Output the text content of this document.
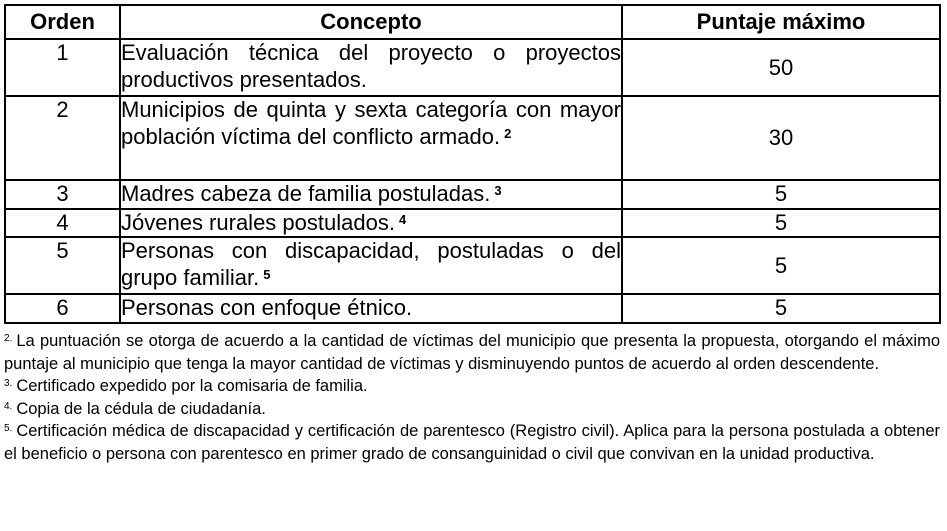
Orden	Concepto	Puntaje máximo
1	Evaluación técnica del proyecto o proyectos productivos presentados.	50
2	Municipios de quinta y sexta categoría con mayor población víctima del conflicto armado. $^2$	30
3	Madres cabeza de familia postuladas. $^3$	5
4	Jóvenes rurales postulados. $^4$	5
5	Personas con discapacidad, postuladas o del grupo familiar. $^5$	5
6	Personas con enfoque étnico.	5

$^{2.}$ La puntuación se otorga de acuerdo a la cantidad de víctimas del municipio que presenta la propuesta, otorgando el máximo puntaje al municipio que tenga la mayor cantidad de víctimas y disminuyendo puntos de acuerdo al orden descendente.

$^{3.}$ Certificado expedido por la comisaria de familia.

$^{4.}$ Copia de la cédula de ciudadanía.

$^{5.}$ Certificación médica de discapacidad y certificación de parentesco (Registro civil). Aplica para la persona postulada a obtener el beneficio o persona con parentesco en primer grado de consanguinidad o civil que convivan en la unidad productiva.
